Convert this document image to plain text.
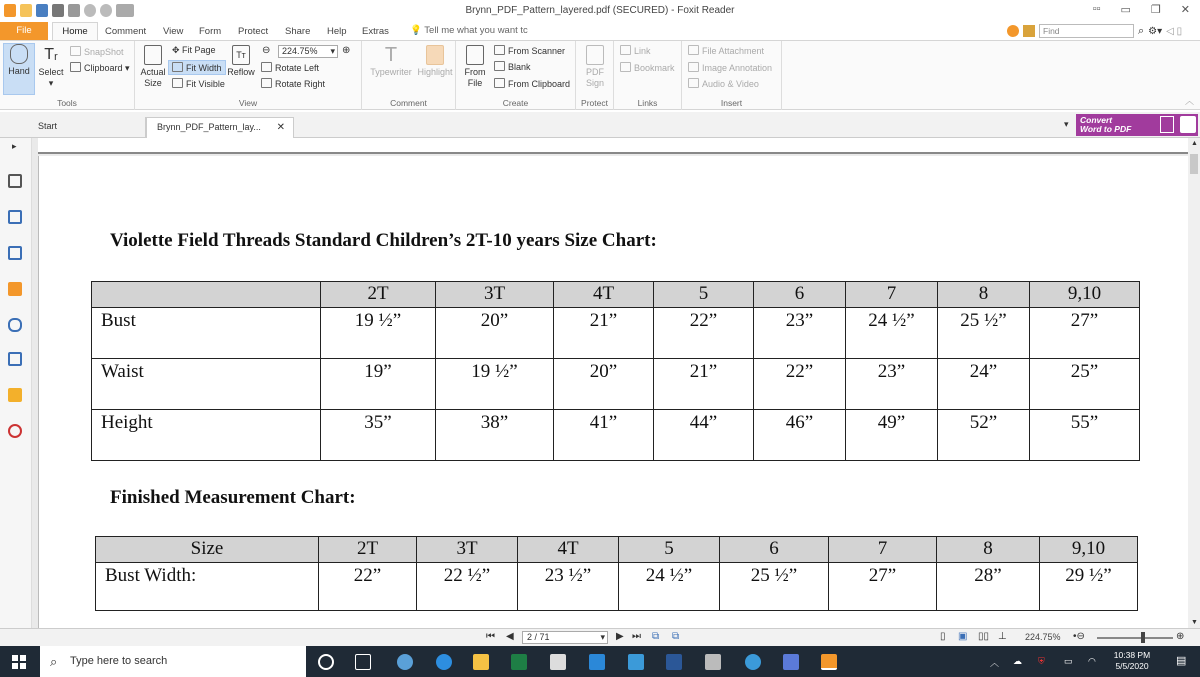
Brynn_PDF_Pattern_layered.pdf (SECURED) - Foxit Reader	▫▫ ▭ ❐ ✕
File	Home	Comment View Form Protect Share Help Extras 💡 Tell me what you want tc	Find	⌕ ⚙▾ ◁ ▯
Hand
Tᵣ
Select
▾
SnapShot
Clipboard ▾
Tools
Actual
Size
✥ Fit Page
Fit Width
Fit Visible
Tт
Reflow
⊖	224.75% ▾ ⊕
Rotate Left
Rotate Right
View
T
Typewriter Highlight
Comment
From
File
From Scanner
Blank
From Clipboard
Create
PDF
Sign
Protect
Link
Bookmark
Links
File Attachment
Image Annotation
Audio & Video
Insert	︿
Start	Brynn_PDF_Pattern_lay... ✕	▾ Convert
Word to PDF
▸
Violette Field Threads Standard Children’s 2T-10 years Size Chart:
	2T	3T	4T	5	6	7	8	9,10
Bust	19 ½”	20”	21”	22”	23”	24 ½”	25 ½”	27”
Waist	19”	19 ½”	20”	21”	22”	23”	24”	25”
Height	35”	38”	41”	44”	46”	49”	52”	55”
Finished Measurement Chart:
Size	2T	3T	4T	5	6	7	8	9,10
Bust Width:	22”	22 ½”	23 ½”	24 ½”	25 ½”	27”	28”	29 ½”
▲
▼
⏮ ◀	2 / 71	▾ ▶ ⏭ ⧉ ⧉	▯ ▣ ▯▯ ⊥ 224.75% •⊖	⊕
⌕ Type here to search	︿ ☁ ⛨ ▭ ◠
10:38 PM
5/5/2020	▤
